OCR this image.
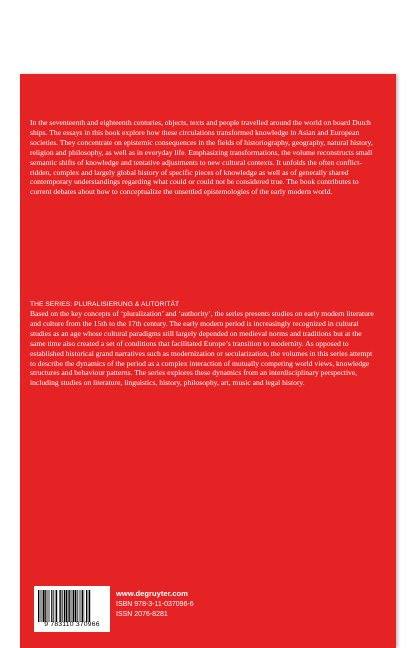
In the seventeenth and eighteenth centuries, objects, texts and people travelled around the world on board Dutch ships. The essays in this book explore how these circulations transformed knowledge in Asian and European societies. They concentrate on epistemic consequences in the fields of historiography, geography, natural history, religion and philosophy, as well as in everyday life. Emphasizing transformations, the volume reconstructs small semantic shifts of knowledge and tentative adjustments to new cultural contexts. It unfolds the often conflict-ridden, complex and largely global history of specific pieces of knowledge as well as of generally shared contemporary understandings regarding what could or could not be considered true. The book contributes to current debates about how to conceptualize the unsettled epistemologies of the early modern world.

THE SERIES: PLURALISIERUNG & AUTORITÄT

Based on the key concepts of ‘pluralization’ and ‘authority’, the series presents studies on early modern literature and culture from the 15th to the 17th century. The early modern period is increasingly recognized in cultural studies as an age whose cultural paradigms still largely depended on medieval norms and traditions but at the same time also created a set of conditions that facilitated Europe’s transition to modernity. As opposed to established historical grand narratives such as modernization or secularization, the volumes in this series attempt to describe the dynamics of the period as a complex interaction of mutually competing world views, knowledge structures and behaviour patterns. The series explores these dynamics from an interdisciplinary perspective, including studies on literature, linguistics, history, philosophy, art, music and legal history.

9 783110 370966
www.degruyter.com
ISBN 978-3-11-037096-6
ISSN 2076-8281
